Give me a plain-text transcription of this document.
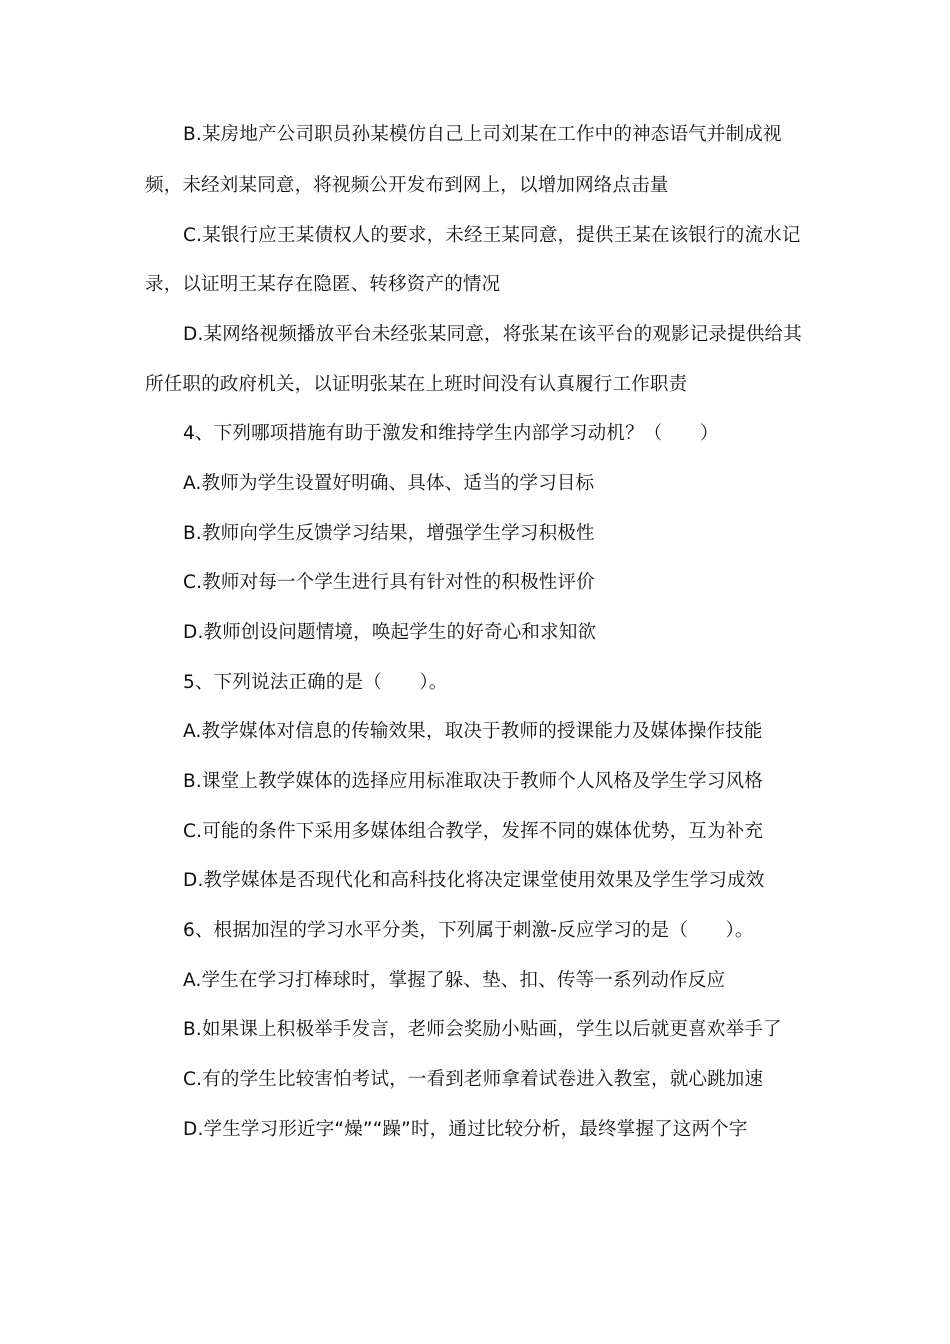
B.某房地产公司职员孙某模仿自己上司刘某在工作中的神态语气并制成视
频，未经刘某同意，将视频公开发布到网上，以增加网络点击量
C.某银行应王某债权人的要求，未经王某同意，提供王某在该银行的流水记
录，以证明王某存在隐匿、转移资产的情况
D.某网络视频播放平台未经张某同意，将张某在该平台的观影记录提供给其
所任职的政府机关，以证明张某在上班时间没有认真履行工作职责
4、下列哪项措施有助于激发和维持学生内部学习动机？（　　）
A.教师为学生设置好明确、具体、适当的学习目标
B.教师向学生反馈学习结果，增强学生学习积极性
C.教师对每一个学生进行具有针对性的积极性评价
D.教师创设问题情境，唤起学生的好奇心和求知欲
5、下列说法正确的是（　　）。
A.教学媒体对信息的传输效果，取决于教师的授课能力及媒体操作技能
B.课堂上教学媒体的选择应用标准取决于教师个人风格及学生学习风格
C.可能的条件下采用多媒体组合教学，发挥不同的媒体优势，互为补充
D.教学媒体是否现代化和高科技化将决定课堂使用效果及学生学习成效
6、根据加涅的学习水平分类，下列属于刺激-反应学习的是（　　）。
A.学生在学习打棒球时，掌握了躲、垫、扣、传等一系列动作反应
B.如果课上积极举手发言，老师会奖励小贴画，学生以后就更喜欢举手了
C.有的学生比较害怕考试，一看到老师拿着试卷进入教室，就心跳加速
D.学生学习形近字“燥”“躁”时，通过比较分析，最终掌握了这两个字
